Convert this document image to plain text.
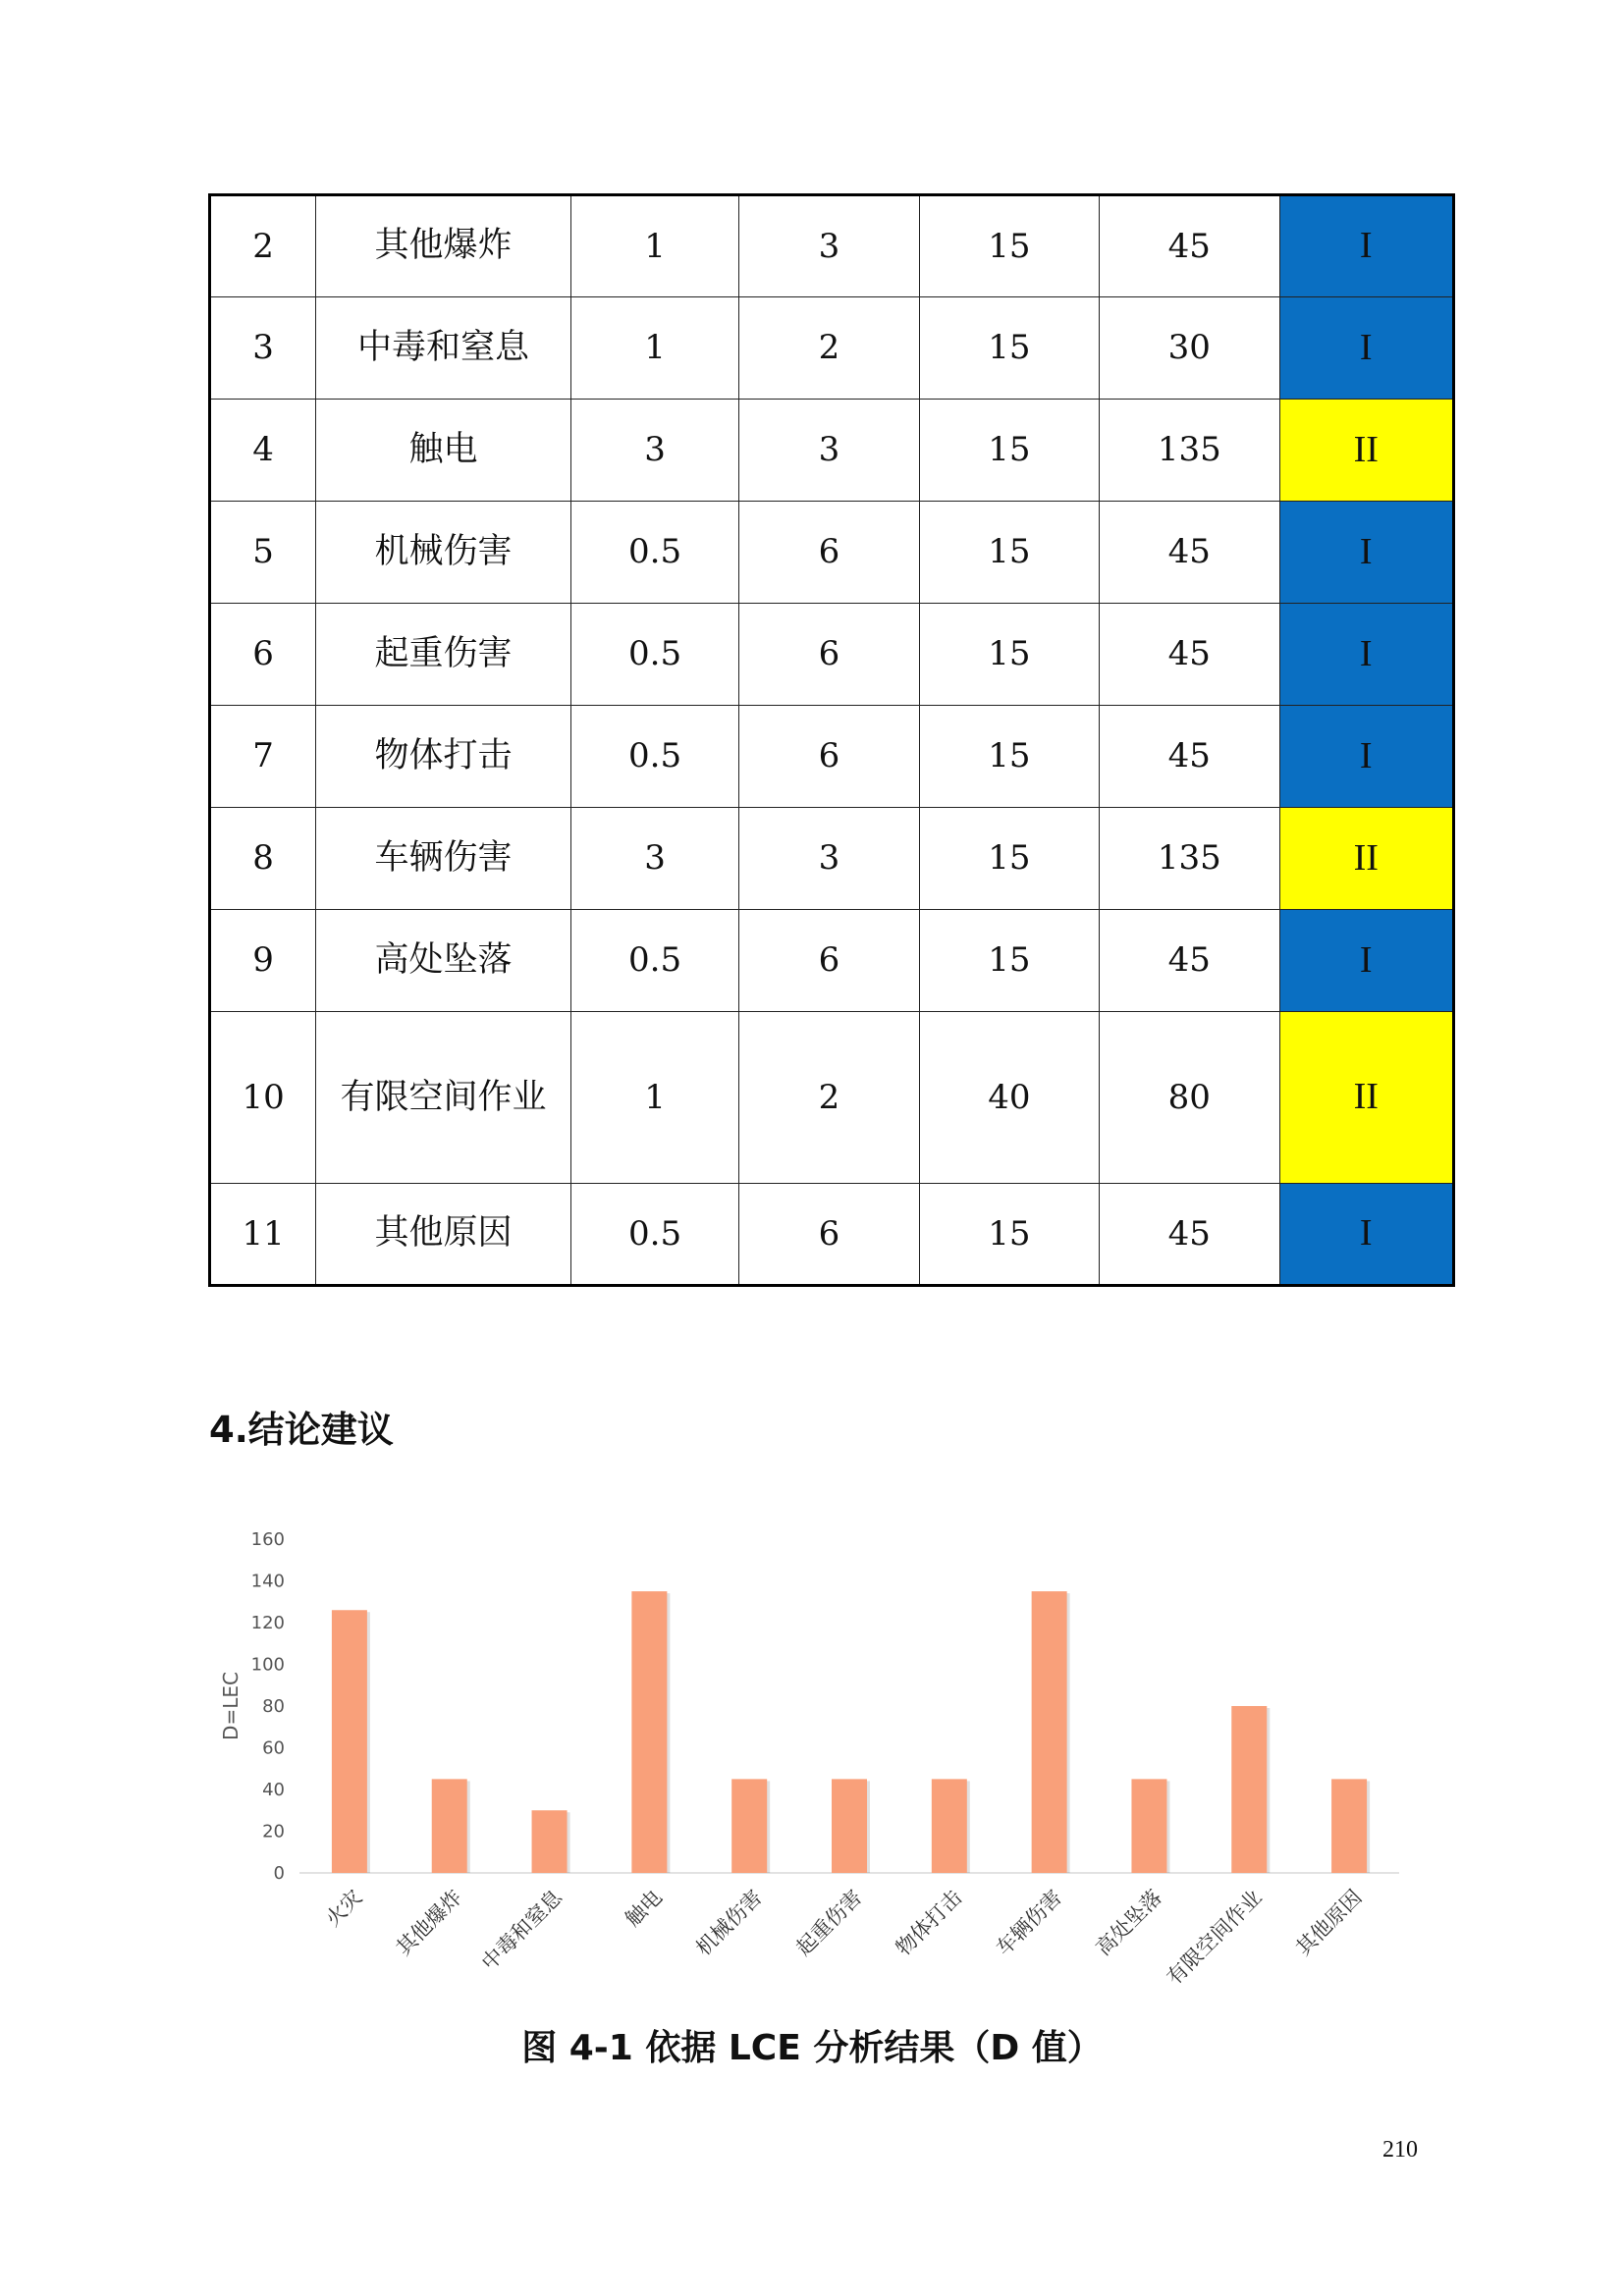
2	其他爆炸	1	3	15	45	I
3	中毒和窒息	1	2	15	30	I
4	触电	3	3	15	135	II
5	机械伤害	0.5	6	15	45	I
6	起重伤害	0.5	6	15	45	I
7	物体打击	0.5	6	15	45	I
8	车辆伤害	3	3	15	135	II
9	高处坠落	0.5	6	15	45	I
10	有限空间作业	1	2	40	80	II
11	其他原因	0.5	6	15	45	I
4.结论建议
0
20
40
60
80
100
120
140
160
D=LEC
火灾 其他爆炸 中毒和窒息	触电 机械伤害 起重伤害 物体打击 车辆伤害 高处坠落
有限空间作业 其他原因

图 4-1 依据 LCE 分析结果（D 值）

210
